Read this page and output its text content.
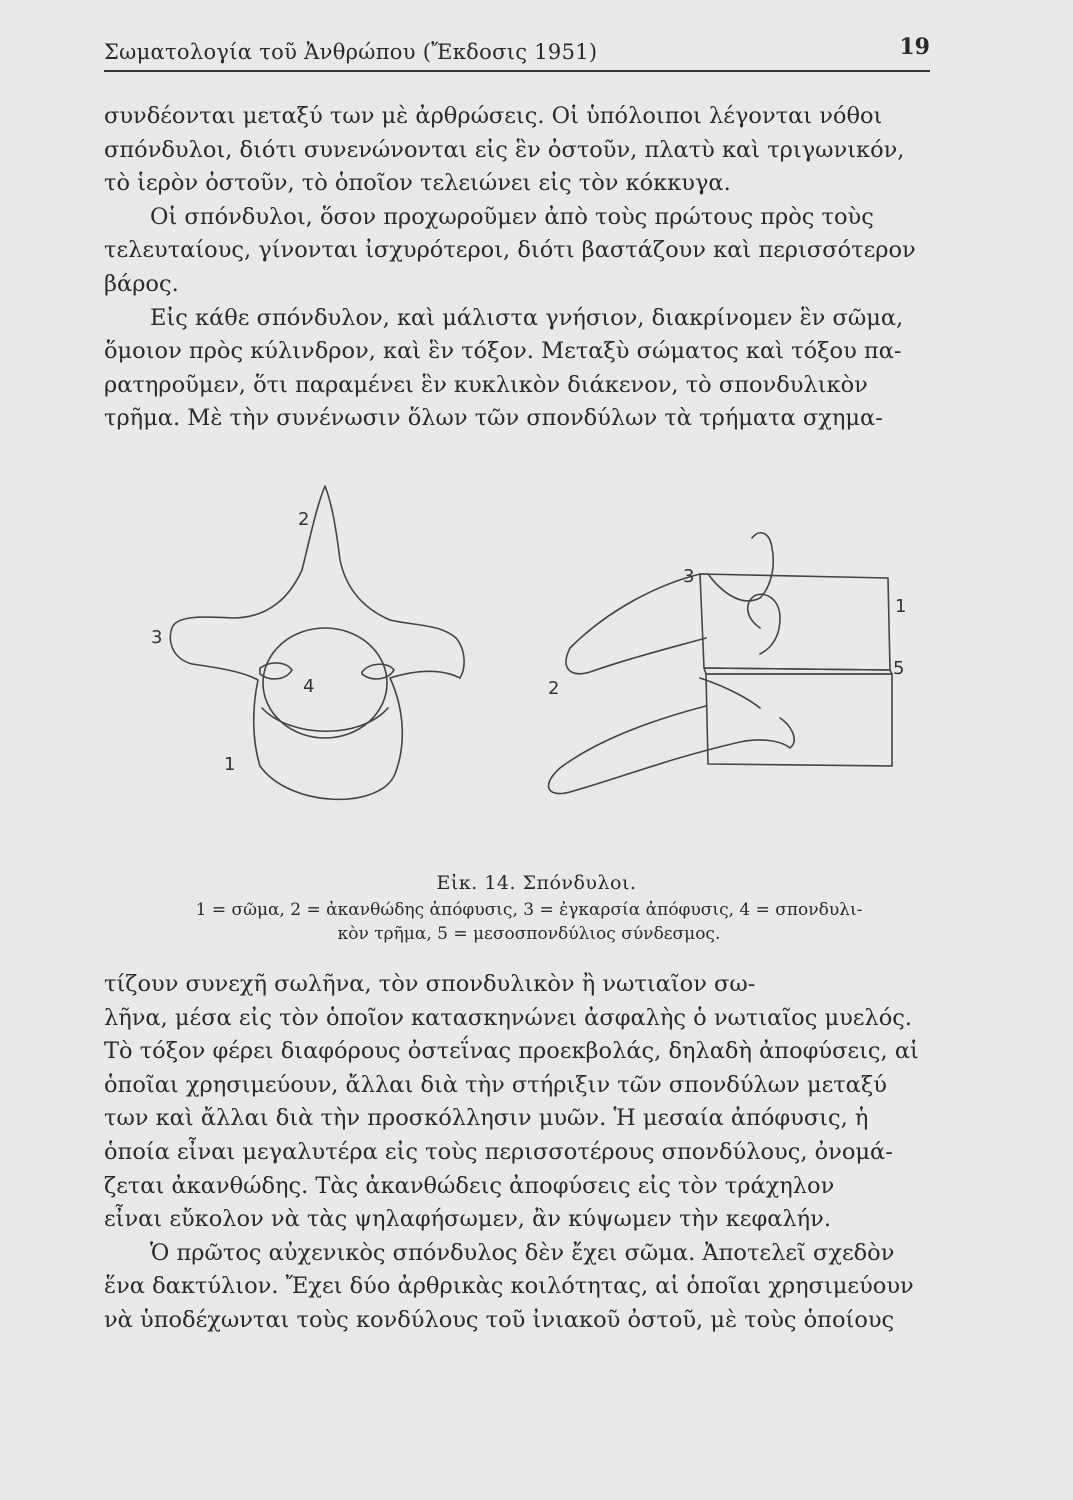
Σωματολογία τοῦ Ἀνθρώπου (Ἔκδοσις 1951)	19

συνδέονται μεταξύ των μὲ ἀρθρώσεις. Οἱ ὑπόλοιποι λέγονται νόθοι
σπόνδυλοι, διότι συνενώνονται εἰς ἓν ὀστοῦν, πλατὺ καὶ τριγωνικόν,
τὸ ἱερὸν ὀστοῦν, τὸ ὁποῖον τελειώνει εἰς τὸν κόκκυγα.

Οἱ σπόνδυλοι, ὅσον προχωροῦμεν ἀπὸ τοὺς πρώτους πρὸς τοὺς
τελευταίους, γίνονται ἰσχυρότεροι, διότι βαστάζουν καὶ περισσότερον
βάρος.

Εἰς κάθε σπόνδυλον, καὶ μάλιστα γνήσιον, διακρίνομεν ἓν σῶμα,
ὅμοιον πρὸς κύλινδρον, καὶ ἓν τόξον. Μεταξὺ σώματος καὶ τόξου πα-
ρατηροῦμεν, ὅτι παραμένει ἓν κυκλικὸν διάκενον, τὸ σπονδυλικὸν
τρῆμα. Μὲ τὴν συνένωσιν ὅλων τῶν σπονδύλων τὰ τρήματα σχημα-

2
3
4
1
3
1
5
2
Εἰκ. 14. Σπόνδυλοι.
1 = σῶμα, 2 = ἀκανθώδης ἀπόφυσις, 3 = ἐγκαρσία ἀπόφυσις, 4 = σπονδυλι-
κὸν τρῆμα, 5 = μεσοσπονδύλιος σύνδεσμος.

τίζουν συνεχῆ σωλῆνα, τὸν σπονδυλικὸν ἢ νωτιαῖον σω-
λῆνα, μέσα εἰς τὸν ὁποῖον κατασκηνώνει ἀσφαλὴς ὁ νωτιαῖος μυελός.
Τὸ τόξον φέρει διαφόρους ὀστεΐνας προεκβολάς, δηλαδὴ ἀποφύσεις, αἱ
ὁποῖαι χρησιμεύουν, ἄλλαι διὰ τὴν στήριξιν τῶν σπονδύλων μεταξύ
των καὶ ἄλλαι διὰ τὴν προσκόλλησιν μυῶν. Ἡ μεσαία ἀπόφυσις, ἡ
ὁποία εἶναι μεγαλυτέρα εἰς τοὺς περισσοτέρους σπονδύλους, ὀνομά-
ζεται ἀκανθώδης. Τὰς ἀκανθώδεις ἀποφύσεις εἰς τὸν τράχηλον
εἶναι εὔκολον νὰ τὰς ψηλαφήσωμεν, ἂν κύψωμεν τὴν κεφαλήν.

Ὁ πρῶτος αὐχενικὸς σπόνδυλος δὲν ἔχει σῶμα. Ἀποτελεῖ σχεδὸν
ἕνα δακτύλιον. Ἔχει δύο ἀρθρικὰς κοιλότητας, αἱ ὁποῖαι χρησιμεύουν
νὰ ὑποδέχωνται τοὺς κονδύλους τοῦ ἰνιακοῦ ὀστοῦ, μὲ τοὺς ὁποίους
